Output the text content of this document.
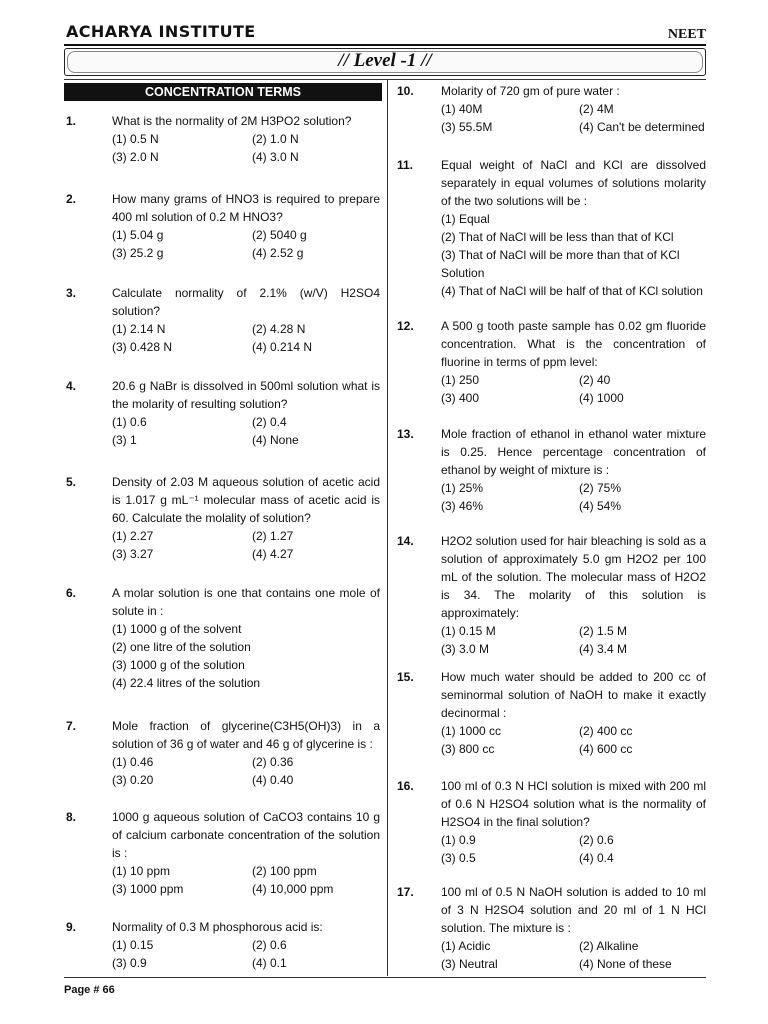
ACHARYA INSTITUTE	NEET
// Level -1 //
CONCENTRATION TERMS
1.	What is the normality of 2M H3PO2 solution?
(1) 0.5 N	(2) 1.0 N
(3) 2.0 N	(4) 3.0 N
2.	How many grams of HNO3 is required to prepare 400 ml solution of 0.2 M HNO3?
(1) 5.04 g	(2) 5040 g
(3) 25.2 g	(4) 2.52 g
3.	Calculate normality of 2.1% (w/V) H2SO4 solution?
(1) 2.14 N	(2) 4.28 N
(3) 0.428 N	(4) 0.214 N
4.	20.6 g NaBr is dissolved in 500ml solution what is the molarity of resulting solution?
(1) 0.6	(2) 0.4
(3) 1	(4) None
5.	Density of 2.03 M aqueous solution of acetic acid is 1.017 g mL⁻¹ molecular mass of acetic acid is 60. Calculate the molality of solution?
(1) 2.27	(2) 1.27
(3) 3.27	(4) 4.27
6.	A molar solution is one that contains one mole of solute in :
(1) 1000 g of the solvent
(2) one litre of the solution
(3) 1000 g of the solution
(4) 22.4 litres of the solution
7.	Mole fraction of glycerine(C3H5(OH)3) in a solution of 36 g of water and 46 g of glycerine is :
(1) 0.46	(2) 0.36
(3) 0.20	(4) 0.40
8.	1000 g aqueous solution of CaCO3 contains 10 g of calcium carbonate concentration of the solution is :
(1) 10 ppm	(2) 100 ppm
(3) 1000 ppm	(4) 10,000 ppm
9.	Normality of 0.3 M phosphorous acid is:
(1) 0.15	(2) 0.6
(3) 0.9	(4) 0.1
10. Molarity of 720 gm of pure water :
(1) 40M	(2) 4M
(3) 55.5M	(4) Can't be determined
11. Equal weight of NaCl and KCl are dissolved separately in equal volumes of solutions molarity of the two solutions will be :
(1) Equal
(2) That of NaCl will be less than that of KCl
(3) That of NaCl will be more than that of KCl Solution
(4) That of NaCl will be half of that of KCl solution
12. A 500 g tooth paste sample has 0.02 gm fluoride concentration. What is the concentration of fluorine in terms of ppm level:
(1) 250	(2) 40
(3) 400	(4) 1000
13. Mole fraction of ethanol in ethanol water mixture is 0.25. Hence percentage concentration of ethanol by weight of mixture is :
(1) 25%	(2) 75%
(3) 46%	(4) 54%
14. H2O2 solution used for hair bleaching is sold as a solution of approximately 5.0 gm H2O2 per 100 mL of the solution. The molecular mass of H2O2 is 34. The molarity of this solution is approximately:
(1) 0.15 M	(2) 1.5 M
(3) 3.0 M	(4) 3.4 M
15. How much water should be added to 200 cc of seminormal solution of NaOH to make it exactly decinormal :
(1) 1000 cc	(2) 400 cc
(3) 800 cc	(4) 600 cc
16. 100 ml of 0.3 N HCl solution is mixed with 200 ml of 0.6 N H2SO4 solution what is the normality of H2SO4 in the final solution?
(1) 0.9	(2) 0.6
(3) 0.5	(4) 0.4
17. 100 ml of 0.5 N NaOH solution is added to 10 ml of 3 N H2SO4 solution and 20 ml of 1 N HCl solution. The mixture is :
(1) Acidic	(2) Alkaline
(3) Neutral	(4) None of these
Page # 66
